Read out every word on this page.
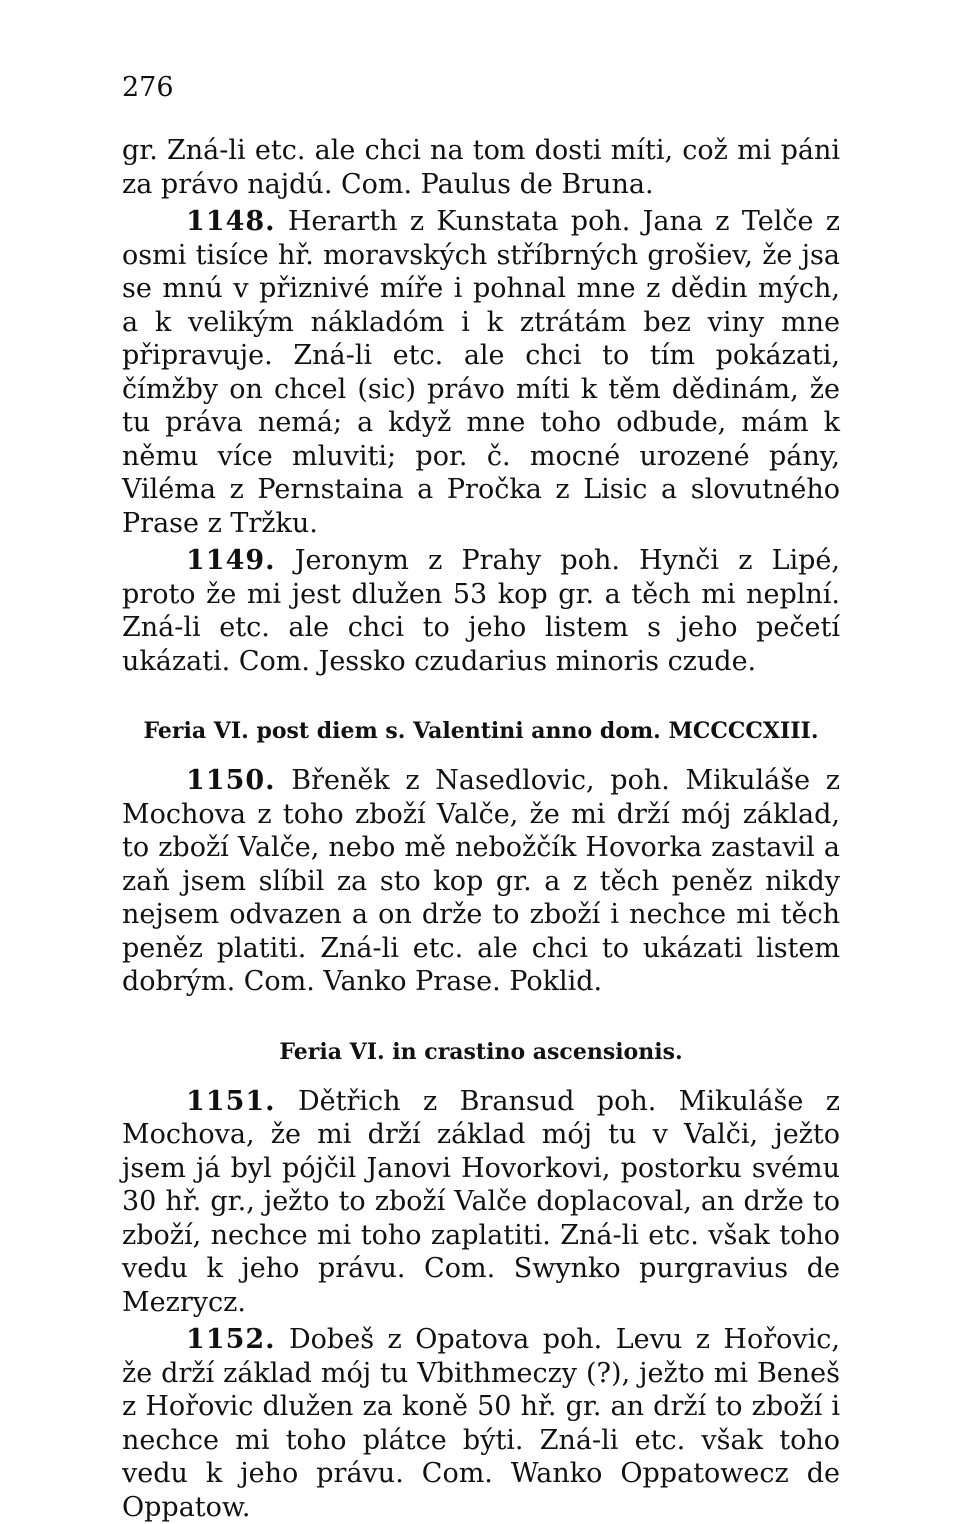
276

gr. Zná-li etc. ale chci na tom dosti míti, což mi páni za právo najdú. Com. Paulus de Bruna.

1148. Herarth z Kunstata poh. Jana z Telče z osmi tisíce hř. moravských stříbrných grošiev, že jsa se mnú v přiznivé míře i pohnal mne z dědin mých, a k velikým nákladóm i k ztrátám bez viny mne připravuje. Zná-li etc. ale chci to tím pokázati, čímžby on chcel (sic) právo míti k těm dědinám, že tu práva nemá; a když mne toho odbude, mám k němu více mluviti; por. č. mocné urozené pány, Viléma z Pernstaina a Pročka z Lisic a slovutného Prase z Tržku.

1149. Jeronym z Prahy poh. Hynči z Lipé, proto že mi jest dlužen 53 kop gr. a těch mi neplní. Zná-li etc. ale chci to jeho listem s jeho pečetí ukázati. Com. Jessko czudarius minoris czude.

Feria VI. post diem s. Valentini anno dom. MCCCCXIII.

1150. Břeněk z Nasedlovic, poh. Mikuláše z Mochova z toho zboží Valče, že mi drží mój základ, to zboží Valče, nebo mě nebožčík Hovorka zastavil a zaň jsem slíbil za sto kop gr. a z těch peněz nikdy nejsem odvazen a on drže to zboží i nechce mi těch peněz platiti. Zná-li etc. ale chci to ukázati listem dobrým. Com. Vanko Prase. Poklid.

Feria VI. in crastino ascensionis.

1151. Dětřich z Bransud poh. Mikuláše z Mochova, že mi drží základ mój tu v Valči, ježto jsem já byl pójčil Janovi Hovorkovi, postorku svému 30 hř. gr., ježto to zboží Valče doplacoval, an drže to zboží, nechce mi toho zaplatiti. Zná-li etc. však toho vedu k jeho právu. Com. Swynko purgravius de Mezrycz.

1152. Dobeš z Opatova poh. Levu z Hořovic, že drží základ mój tu Vbithmeczy (?), ježto mi Beneš z Hořovic dlužen za koně 50 hř. gr. an drží to zboží i nechce mi toho plátce býti. Zná-li etc. však toho vedu k jeho právu. Com. Wanko Oppatowecz de Oppatow.
